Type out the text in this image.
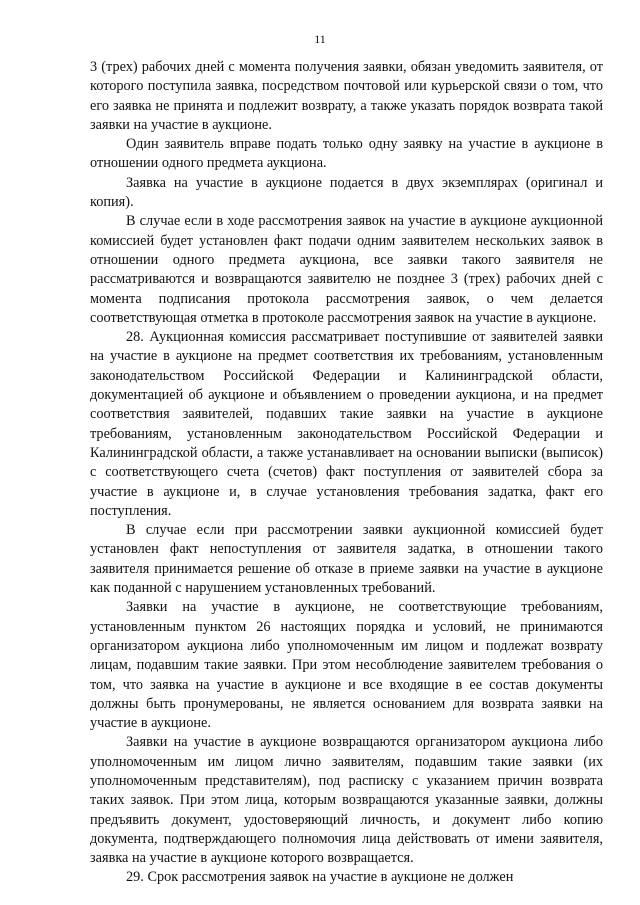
11

3 (трех) рабочих дней с момента получения заявки, обязан уведомить заявителя, от которого поступила заявка, посредством почтовой или курьерской связи о том, что его заявка не принята и подлежит возврату, а также указать порядок возврата такой заявки на участие в аукционе.

Один заявитель вправе подать только одну заявку на участие в аукционе в отношении одного предмета аукциона.

Заявка на участие в аукционе подается в двух экземплярах (оригинал и копия).

В случае если в ходе рассмотрения заявок на участие в аукционе аукционной комиссией будет установлен факт подачи одним заявителем нескольких заявок в отношении одного предмета аукциона, все заявки такого заявителя не рассматриваются и возвращаются заявителю не позднее 3 (трех) рабочих дней с момента подписания протокола рассмотрения заявок, о чем делается соответствующая отметка в протоколе рассмотрения заявок на участие в аукционе.

28. Аукционная комиссия рассматривает поступившие от заявителей заявки на участие в аукционе на предмет соответствия их требованиям, установленным законодательством Российской Федерации и Калининградской области, документацией об аукционе и объявлением о проведении аукциона, и на предмет соответствия заявителей, подавших такие заявки на участие в аукционе требованиям, установленным законодательством Российской Федерации и Калининградской области, а также устанавливает на основании выписки (выписок) с соответствующего счета (счетов) факт поступления от заявителей сбора за участие в аукционе и, в случае установления требования задатка, факт его поступления.

В случае если при рассмотрении заявки аукционной комиссией будет установлен факт непоступления от заявителя задатка, в отношении такого заявителя принимается решение об отказе в приеме заявки на участие в аукционе как поданной с нарушением установленных требований.

Заявки на участие в аукционе, не соответствующие требованиям, установленным пунктом 26 настоящих порядка и условий, не принимаются организатором аукциона либо уполномоченным им лицом и подлежат возврату лицам, подавшим такие заявки. При этом несоблюдение заявителем требования о том, что заявка на участие в аукционе и все входящие в ее состав документы должны быть пронумерованы, не является основанием для возврата заявки на участие в аукционе.

Заявки на участие в аукционе возвращаются организатором аукциона либо уполномоченным им лицом лично заявителям, подавшим такие заявки (их уполномоченным представителям), под расписку с указанием причин возврата таких заявок. При этом лица, которым возвращаются указанные заявки, должны предъявить документ, удостоверяющий личность, и документ либо копию документа, подтверждающего полномочия лица действовать от имени заявителя, заявка на участие в аукционе которого возвращается.

29. Срок рассмотрения заявок на участие в аукционе не должен
